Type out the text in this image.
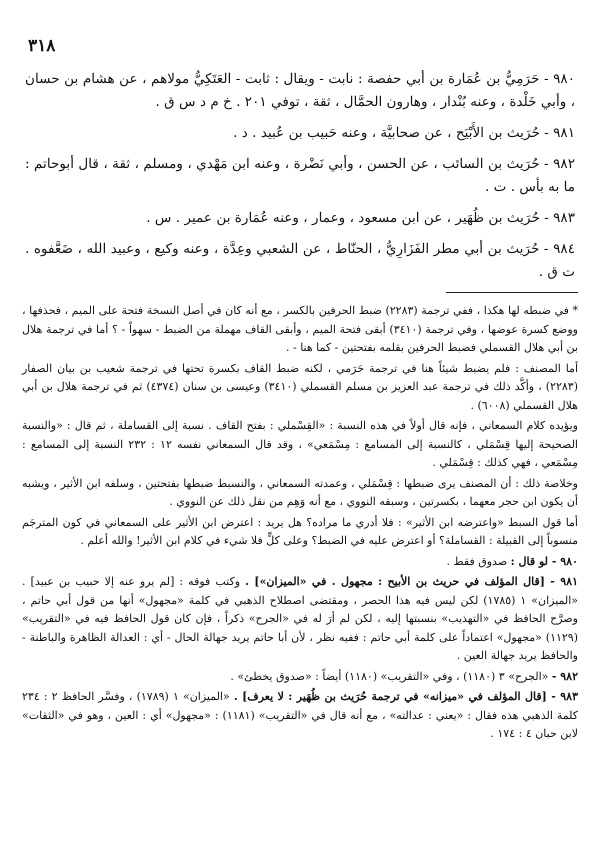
٣١٨

٩٨٠ - حَرَمِيُّ بن عُمَارة بن أبي حفصة : نابت - ويقال : ثابت - العَتَكِيُّ مولاهم ، عن هشام بن حسان ، وأبي خَلْدة ، وعنه بُنْدار ، وهارون الحمَّال ، ثقة ، توفي ٢٠١ . خ م د س ق .

٩٨١ - حُرَيث بن الأَبْيَح ، عن صحابيَّة ، وعنه حَبيب بن عُبيد . د .

٩٨٢ - حُرَيث بن السائب ، عن الحسن ، وأبي نَضْرة ، وعنه ابن مَهْدي ، ومسلم ، ثقة ، قال أبوحاتم : ما به بأس . ت .

٩٨٣ - حُرَيث بن ظُهَير ، عن ابن مسعود ، وعمار ، وعنه عُمَارة بن عمير . س .

٩٨٤ - حُرَيث بن أبي مطر الفَزَارِيُّ ، الحنّاط ، عن الشعبي وعِدَّة ، وعنه وكيع ، وعبيد الله ، ضَعَّفوه . ت ق .

* في ضبطه لها هكذا ، ففي ترجمة (٢٢٨٣) ضبط الحرفين بالكسر ، مع أنه كان في أصل النسخة فتحة على الميم ، فحذفها ، ووضع كسرة عوضها ، وفي ترجمة (٣٤١٠) أبقى فتحة الميم ، وأبقى القاف مهملة من الضبط - سهواً - ؟ أما في ترجمة هلال بن أبي هلال القسملي فضبط الحرفين بقلمه بفتحتين - كما هنا - .

أما المصنف : فلم يضبط شيئاً هنا في ترجمة حَرَمي ، لكنه ضبط القاف بكسرة تحتها في ترجمة شعيب بن بيان الصفار (٢٢٨٣) ، وأكَّد ذلك في ترجمة عبد العزيز بن مسلم القسملي (٣٤١٠) وعيسى بن سنان (٤٣٧٤) ثم في ترجمة هلال بن أبي هلال القسملي (٦٠٠٨) .

ويؤيده كلام السمعاني ، فإنه قال أولاً في هذه النسبة : «القِسْملي : بفتح القاف . نسبة إلى القساملة ، ثم قال : «والنسبة الصحيحة إليها قِسْمَلي ، كالنسبة إلى المسامع : مِسْمَعي» ، وقد قال السمعاني نفسه ١٢ : ٢٣٢ النسبة إلى المسامع : مِسْمَعي ، فهي كذلك : قِسْمَلي .

وخلاصة ذلك : أن المصنف يرى ضبطها : قِسْمَلي ، وعمدته السمعاني ، والنسبط ضبطها بفتحتين ، وسلفه ابن الأثير ، ويشبه أن يكون ابن حجر معهما ، بكسرتين ، وسبقه النووي ، مع أنه وَهِم من نقل ذلك عن النووي .

أما قول السبط «واعترضه ابن الأثير» : فلا أدري ما مراده؟ هل يريد : اعترض ابن الأثير على السمعاني في كون المترجَم منسوباً إلى القبيلة : القساملة؟ أو اعترض عليه في الضبط؟ وعلى كلٍّ فلا شيء في كلام ابن الأثير! والله أعلم .

٩٨٠ - لو قال : صدوق فقط .

٩٨١ - [قال المؤلف في حريث بن الأبيح : مجهول . في «الميزان»] . وكتب فوقه : [لم يرو عنه إلا حبيب بن عبيد] . «الميزان» ١ (١٧٨٥) لكن ليس فيه هذا الحصر ، ومقتضى اصطلاح الذهبي في كلمة «مجهول» أنها من قول أبي حاتم ، وصرَّح الحافظ في «التهذيب» بنسبتها إليه ، لكن لم أرَ له في «الجرح» ذكراً ، فإن كان قول الحافظ فيه في «التقريب» (١١٢٩) «مجهول» اعتماداً على كلمة أبي حاتم : ففيه نظر ، لأن أبا حاتم يريد جهالة الحال - أي : العدالة الظاهرة والباطنة - والحافظ يريد جهالة العين .

٩٨٢ - «الجرح» ٣ (١١٨٠) ، وفي «التقريب» (١١٨٠) أيضاً : «صدوق يخطئ» .

٩٨٣ - [قال المؤلف في «ميزانه» في ترجمة حُرَيث بن ظُهَير : لا يعرف] . «الميزان» ١ (١٧٨٩) ، وفسَّر الحافظ ٢ : ٢٣٤ كلمة الذهبي هذه فقال : «يعني : عدالته» ، مع أنه قال في «التقريب» (١١٨١) : «مجهول» أي : العين ، وهو في «الثقات» لابن حبان ٤ : ١٧٤ .
